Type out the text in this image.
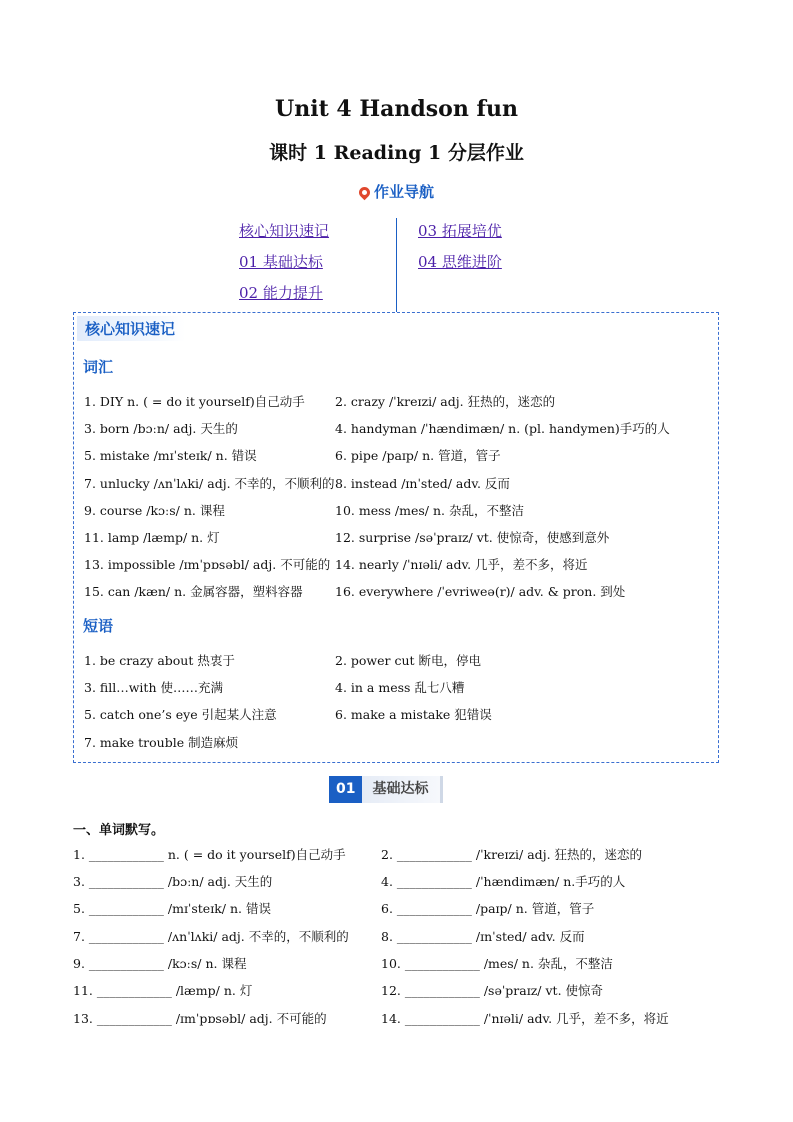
Unit 4 Handson fun
课时 1 Reading 1 分层作业
作业导航
核心知识速记
01 基础达标
02 能力提升
03 拓展培优
04 思维进阶
核心知识速记
词汇
1. DIY n. ( = do it yourself)自己动手 2. crazy /ˈkreɪzi/ adj. 狂热的，迷恋的
3. born /bɔːn/ adj. 天生的	4. handyman /ˈhændimæn/ n. (pl. handymen)手巧的人
5. mistake /mɪˈsteɪk/ n. 错误	6. pipe /paɪp/ n. 管道，管子
7. unlucky /ʌnˈlʌki/ adj. 不幸的，不顺利的 8. instead /ɪnˈsted/ adv. 反而
9. course /kɔːs/ n. 课程	10. mess /mes/ n. 杂乱，不整洁
11. lamp /læmp/ n. 灯	12. surprise /səˈpraɪz/ vt. 使惊奇，使感到意外
13. impossible /ɪmˈpɒsəbl/ adj. 不可能的 14. nearly /ˈnɪəli/ adv. 几乎，差不多，将近
15. can /kæn/ n. 金属容器，塑料容器	16. everywhere /ˈevriweə(r)/ adv. & pron. 到处
短语
1. be crazy about 热衷于	2. power cut 断电，停电
3. fill…with 使……充满	4. in a mess 乱七八糟
5. catch one’s eye 引起某人注意	6. make a mistake 犯错误
7. make trouble 制造麻烦
01	基础达标
一、单词默写。
1. ____________ n. ( = do it yourself)自己动手	2. ____________ /ˈkreɪzi/ adj. 狂热的，迷恋的
3. ____________ /bɔːn/ adj. 天生的	4. ____________ /ˈhændimæn/ n.手巧的人
5. ____________ /mɪˈsteɪk/ n. 错误	6. ____________ /paɪp/ n. 管道，管子
7. ____________ /ʌnˈlʌki/ adj. 不幸的，不顺利的	8. ____________ /ɪnˈsted/ adv. 反而
9. ____________ /kɔːs/ n. 课程	10. ____________ /mes/ n. 杂乱，不整洁
11. ____________ /læmp/ n. 灯	12. ____________ /səˈpraɪz/ vt. 使惊奇
13. ____________ /ɪmˈpɒsəbl/ adj. 不可能的	14. ____________ /ˈnɪəli/ adv. 几乎，差不多，将近
